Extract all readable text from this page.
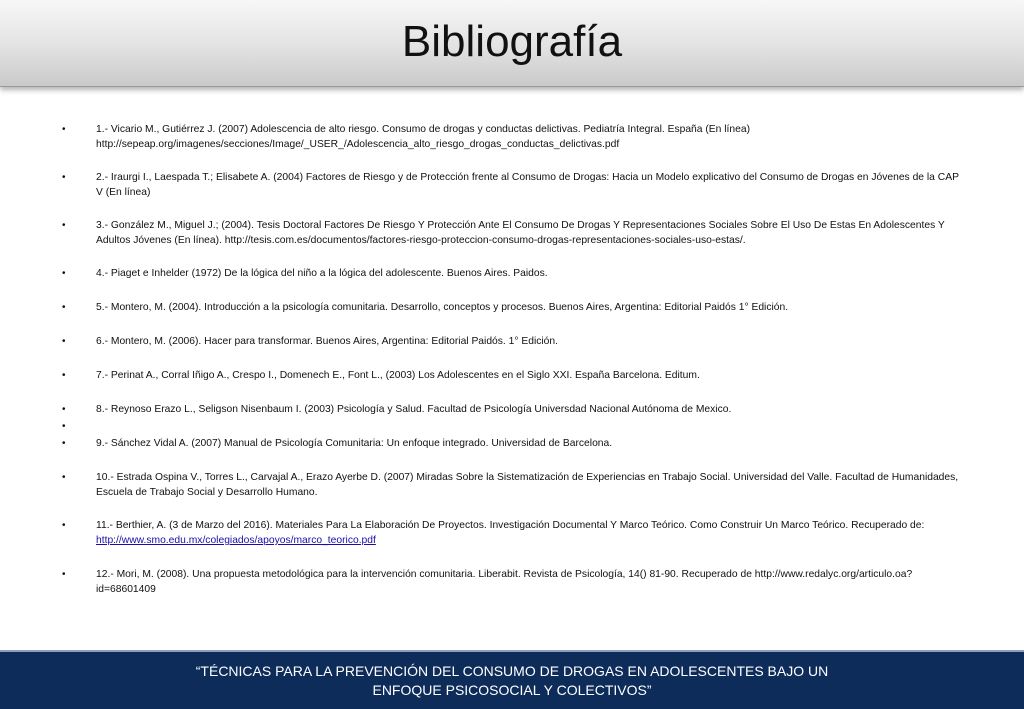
Bibliografía
•	1.- Vicario M., Gutiérrez J. (2007) Adolescencia de alto riesgo. Consumo de drogas y conductas delictivas. Pediatría Integral. España (En línea) http://sepeap.org/imagenes/secciones/Image/_USER_/Adolescencia_alto_riesgo_drogas_conductas_delictivas.pdf
•	2.- Iraurgi I., Laespada T.; Elisabete A. (2004) Factores de Riesgo y de Protección frente al Consumo de Drogas: Hacia un Modelo explicativo del Consumo de Drogas en Jóvenes de la CAP V (En línea)
•	3.- González M., Miguel J.; (2004). Tesis Doctoral Factores De Riesgo Y Protección Ante El Consumo De Drogas Y Representaciones Sociales Sobre El Uso De Estas En Adolescentes Y Adultos Jóvenes (En línea). http://tesis.com.es/documentos/factores-riesgo-proteccion-consumo-drogas-representaciones-sociales-uso-estas/.
•	4.- Piaget e Inhelder (1972) De la lógica del niño a la lógica del adolescente. Buenos Aires. Paidos.
•	5.- Montero, M. (2004). Introducción a la psicología comunitaria. Desarrollo, conceptos y procesos. Buenos Aires, Argentina: Editorial Paidós 1° Edición.
•	6.- Montero, M. (2006). Hacer para transformar. Buenos Aires, Argentina: Editorial Paidós. 1° Edición.
•	7.- Perinat A., Corral Iñigo A., Crespo I., Domenech E., Font L., (2003) Los Adolescentes en el Siglo XXI. España Barcelona. Editum.
•	8.- Reynoso Erazo L., Seligson Nisenbaum I. (2003) Psicología y Salud. Facultad de Psicología Universdad Nacional Autónoma de Mexico.
•
•	9.- Sánchez Vidal A. (2007) Manual de Psicología Comunitaria: Un enfoque integrado. Universidad de Barcelona.
•	10.- Estrada Ospina V., Torres L., Carvajal A., Erazo Ayerbe D. (2007) Miradas Sobre la Sistematización de Experiencias en Trabajo Social. Universidad del Valle. Facultad de Humanidades, Escuela de Trabajo Social y Desarrollo Humano.
•	11.- Berthier, A. (3 de Marzo del 2016). Materiales Para La Elaboración De Proyectos. Investigación Documental Y Marco Teórico. Como Construir Un Marco Teórico. Recuperado de: http://www.smo.edu.mx/colegiados/apoyos/marco_teorico.pdf
•	12.- Mori, M. (2008). Una propuesta metodológica para la intervención comunitaria. Liberabit. Revista de Psicología, 14() 81-90. Recuperado de http://www.redalyc.org/articulo.oa?id=68601409

“TÉCNICAS PARA LA PREVENCIÓN DEL CONSUMO DE DROGAS EN ADOLESCENTES BAJO UN ENFOQUE PSICOSOCIAL Y COLECTIVOS”
